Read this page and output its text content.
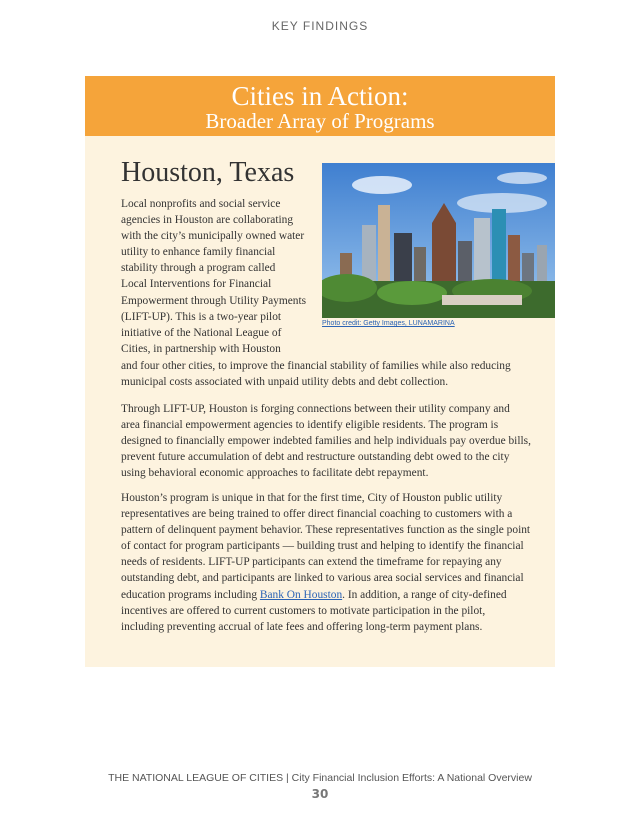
KEY FINDINGS
Cities in Action:
Broader Array of Programs
Houston, Texas
Photo credit: Getty Images, LUNAMARINA
Local nonprofits and social service
agencies in Houston are collaborating
with the city’s municipally owned water
utility to enhance family financial
stability through a program called
Local Interventions for Financial
Empowerment through Utility Payments
(LIFT-UP). This is a two-year pilot
initiative of the National League of
Cities, in partnership with Houston
and four other cities, to improve the financial stability of families while also reducing municipal costs associated with unpaid utility debts and debt collection.
Through LIFT-UP, Houston is forging connections between their utility company and area financial empowerment agencies to identify eligible residents. The program is designed to financially empower indebted families and help individuals pay overdue bills, prevent future accumulation of debt and restructure outstanding debt owed to the city using behavioral economic approaches to facilitate debt repayment.
Houston’s program is unique in that for the first time, City of Houston public utility representatives are being trained to offer direct financial coaching to customers with a pattern of delinquent payment behavior. These representatives function as the single point of contact for program participants — building trust and helping to identify the financial needs of residents. LIFT-UP participants can extend the timeframe for repaying any outstanding debt, and participants are linked to various area social services and financial education programs including Bank On Houston. In addition, a range of city-defined incentives are offered to current customers to motivate participation in the pilot, including preventing accrual of late fees and offering long-term payment plans.
THE NATIONAL LEAGUE OF CITIES | City Financial Inclusion Efforts: A National Overview
30
